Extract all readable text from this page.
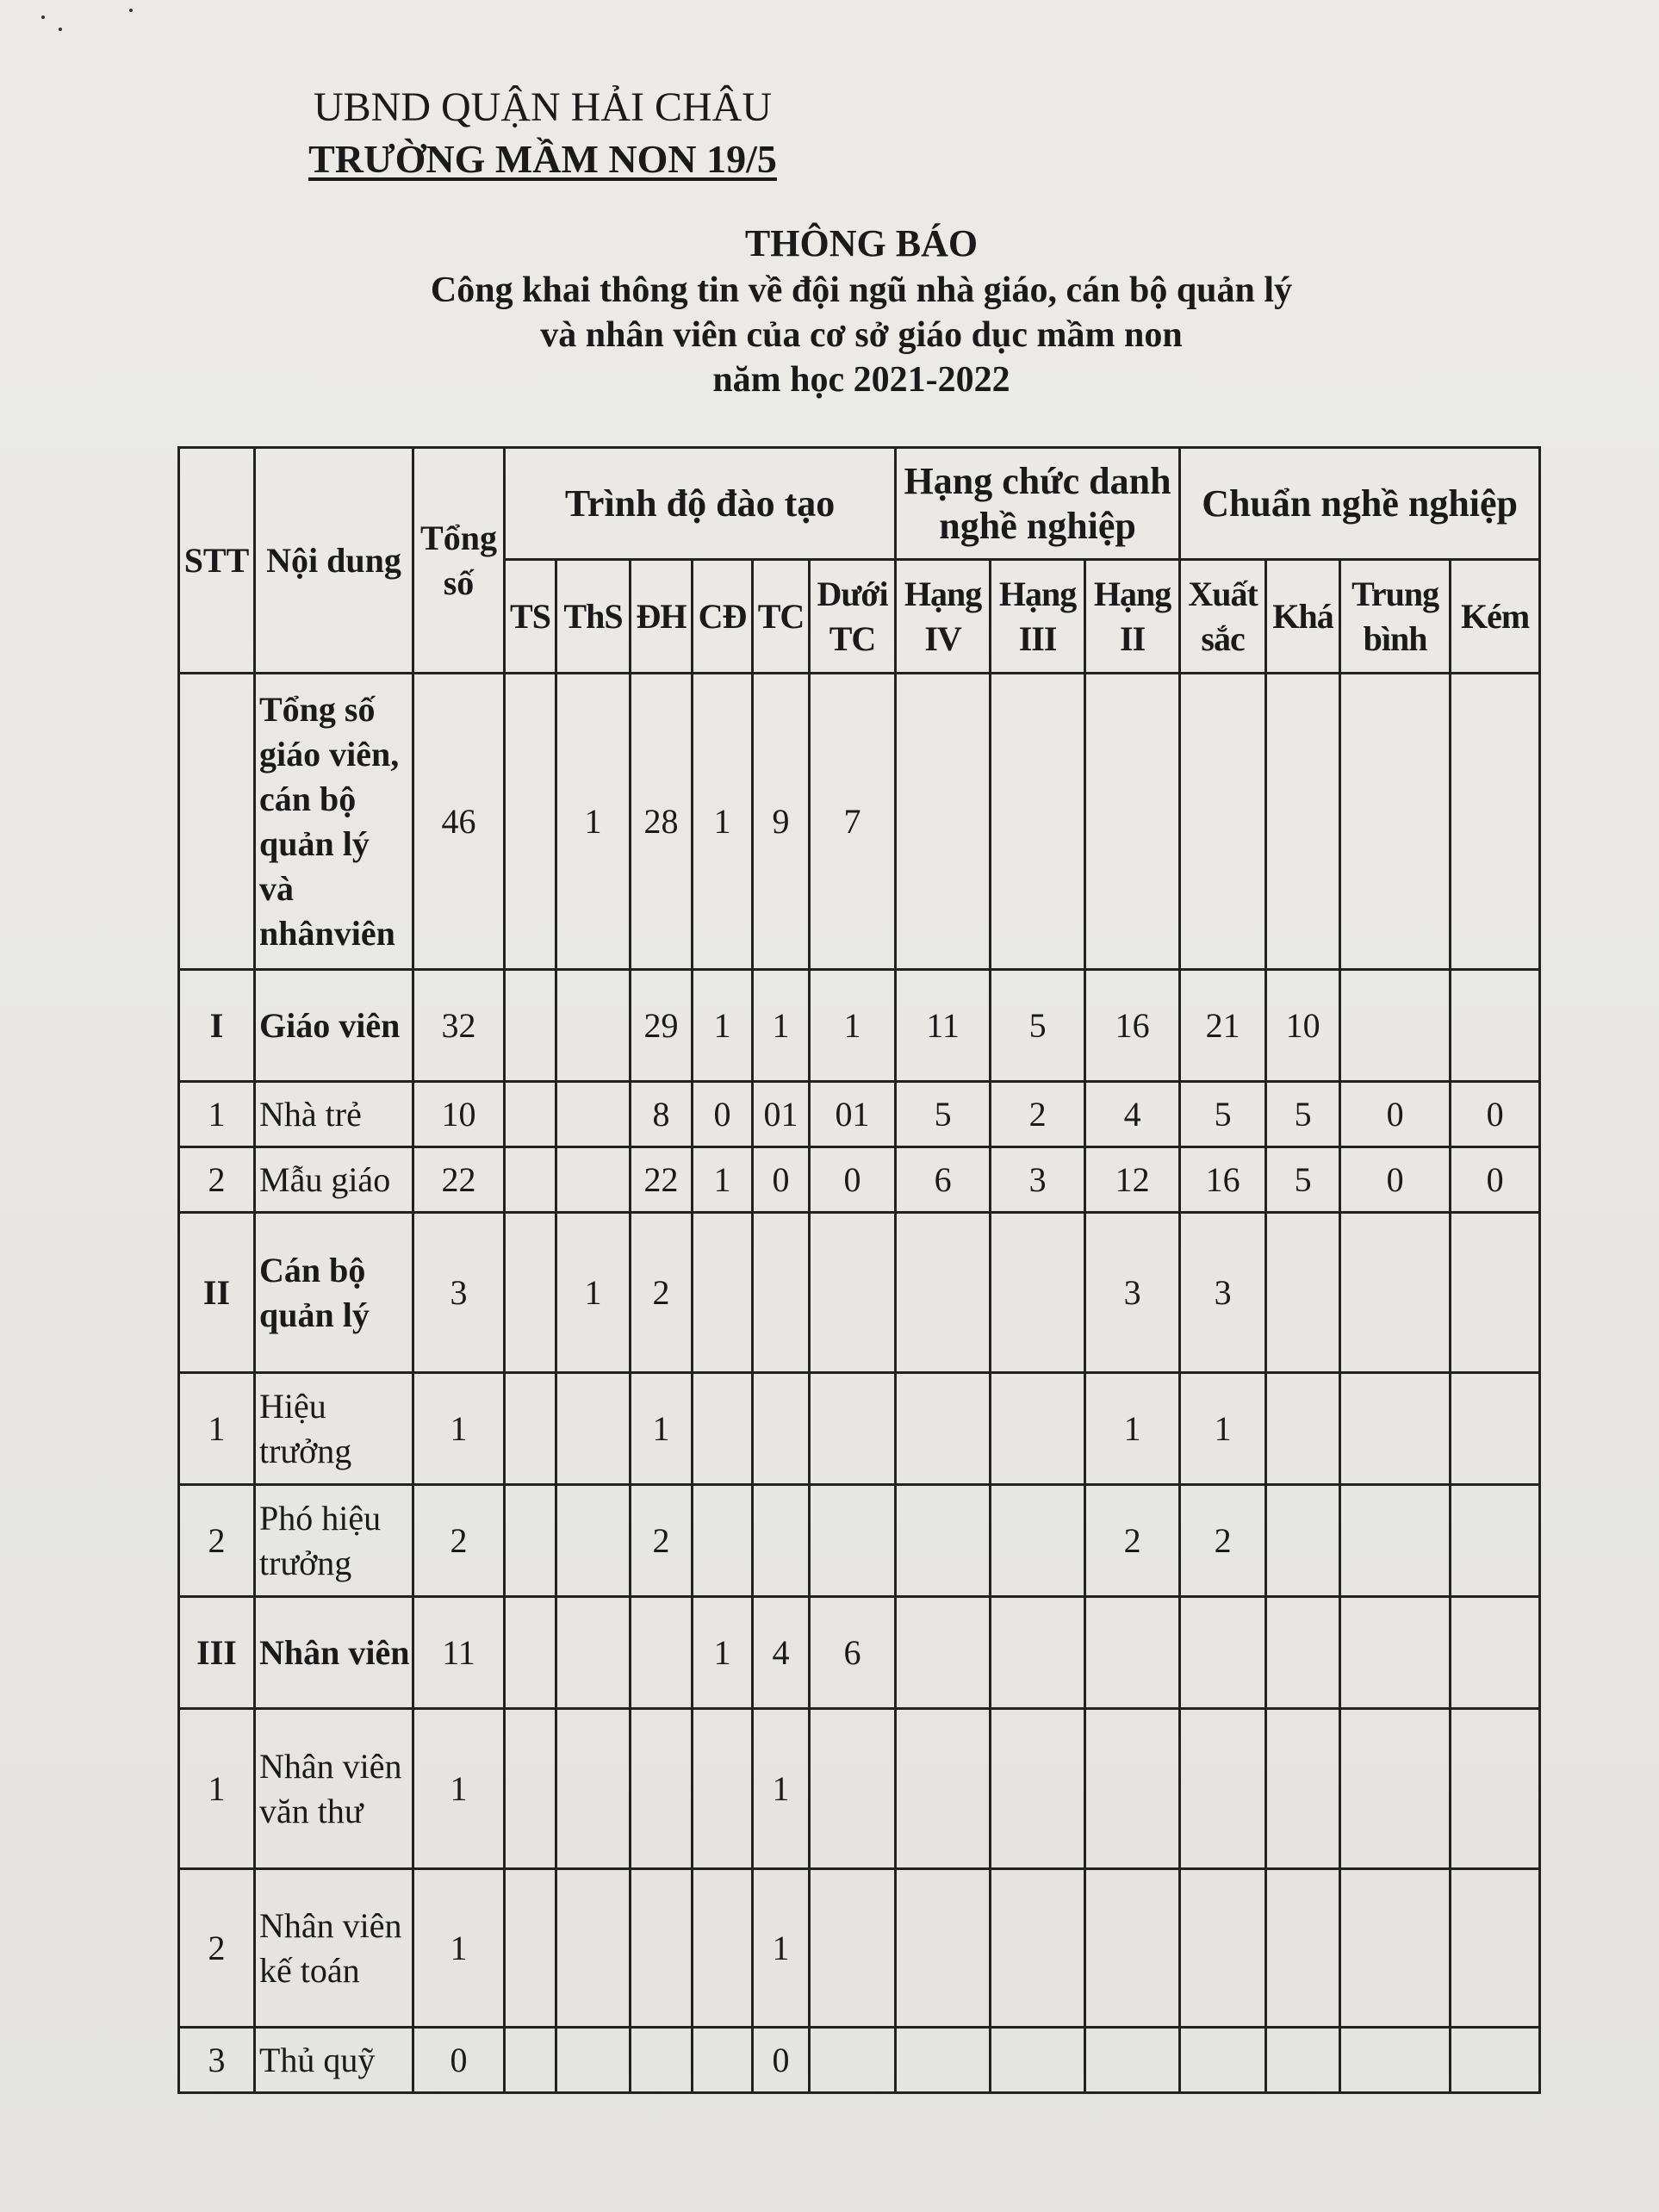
UBND QUẬN HẢI CHÂU
TRƯỜNG MẦM NON 19/5
THÔNG BÁO
Công khai thông tin về đội ngũ nhà giáo, cán bộ quản lý
và nhân viên của cơ sở giáo dục mầm non
năm học 2021-2022
STT	Nội dung	Tổng số	Trình độ đào tạo						Hạng chức danh nghề nghiệp			Chuẩn nghề nghiệp			
			TS	ThS	ĐH	CĐ	TC	Dưới TC	Hạng IV	Hạng III	Hạng II	Xuất sắc	Khá	Trung bình	Kém
	Tổng số giáo viên, cán bộ quản lý và nhânviên	46		1	28	1	9	7							
I	Giáo viên	32			29	1	1	1	11	5	16	21	10		
1	Nhà trẻ	10			8	0	01	01	5	2	4	5	5	0	0
2	Mẫu giáo	22			22	1	0	0	6	3	12	16	5	0	0
II	Cán bộ quản lý	3		1	2						3	3			
1	Hiệu trưởng	1			1						1	1			
2	Phó hiệu trưởng	2			2						2	2			
III	Nhân viên	11				1	4	6							
1	Nhân viên văn thư	1					1								
2	Nhân viên kế toán	1					1								
3	Thủ quỹ	0					0								
